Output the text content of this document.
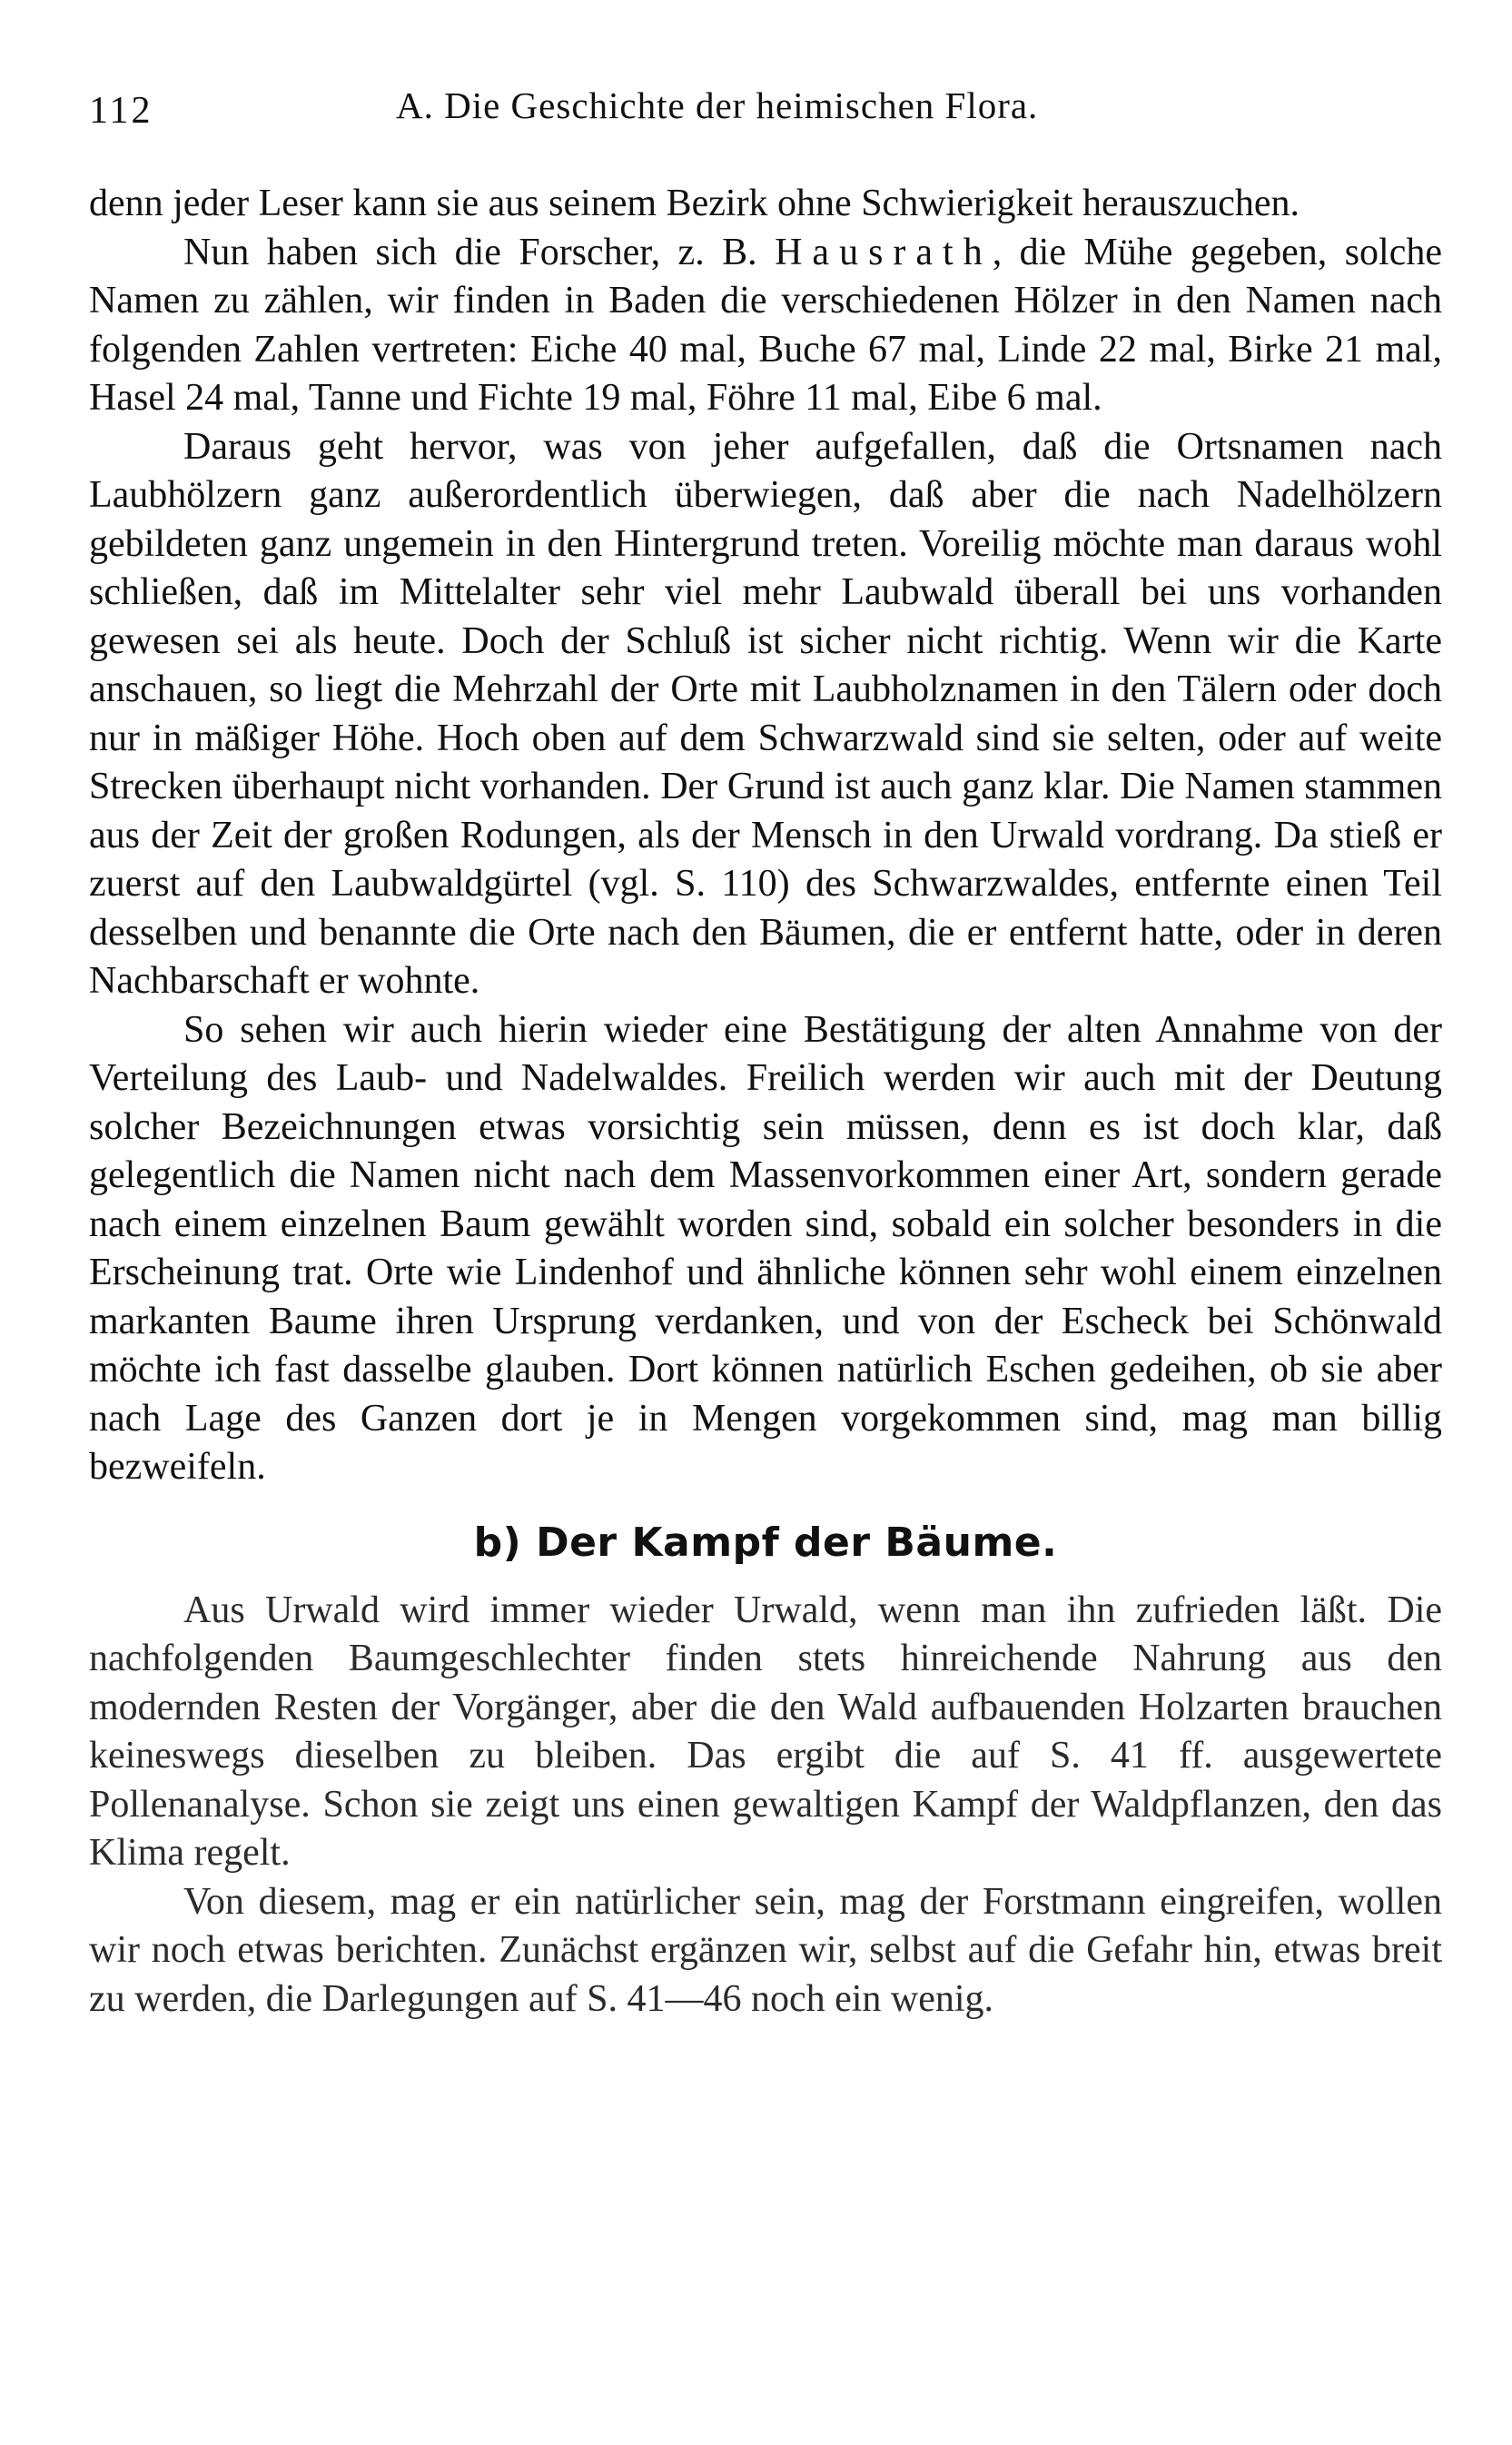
112	A. Die Geschichte der heimischen Flora.

denn jeder Leser kann sie aus seinem Bezirk ohne Schwierigkeit herauszuchen.

Nun haben sich die Forscher, z. B. Hausrath, die Mühe gegeben, solche Namen zu zählen, wir finden in Baden die verschiedenen Hölzer in den Namen nach folgenden Zahlen vertreten: Eiche 40 mal, Buche 67 mal, Linde 22 mal, Birke 21 mal, Hasel 24 mal, Tanne und Fichte 19 mal, Föhre 11 mal, Eibe 6 mal.

Daraus geht hervor, was von jeher aufgefallen, daß die Ortsnamen nach Laubhölzern ganz außerordentlich überwiegen, daß aber die nach Nadelhölzern gebildeten ganz ungemein in den Hintergrund treten. Voreilig möchte man daraus wohl schließen, daß im Mittelalter sehr viel mehr Laubwald überall bei uns vorhanden gewesen sei als heute. Doch der Schluß ist sicher nicht richtig. Wenn wir die Karte anschauen, so liegt die Mehrzahl der Orte mit Laubholznamen in den Tälern oder doch nur in mäßiger Höhe. Hoch oben auf dem Schwarzwald sind sie selten, oder auf weite Strecken überhaupt nicht vorhanden. Der Grund ist auch ganz klar. Die Namen stammen aus der Zeit der großen Rodungen, als der Mensch in den Urwald vordrang. Da stieß er zuerst auf den Laubwaldgürtel (vgl. S. 110) des Schwarzwaldes, entfernte einen Teil desselben und benannte die Orte nach den Bäumen, die er entfernt hatte, oder in deren Nachbarschaft er wohnte.

So sehen wir auch hierin wieder eine Bestätigung der alten Annahme von der Verteilung des Laub- und Nadelwaldes. Freilich werden wir auch mit der Deutung solcher Bezeichnungen etwas vorsichtig sein müssen, denn es ist doch klar, daß gelegentlich die Namen nicht nach dem Massenvorkommen einer Art, sondern gerade nach einem einzelnen Baum gewählt worden sind, sobald ein solcher besonders in die Erscheinung trat. Orte wie Lindenhof und ähnliche können sehr wohl einem einzelnen markanten Baume ihren Ursprung verdanken, und von der Escheck bei Schönwald möchte ich fast dasselbe glauben. Dort können natürlich Eschen gedeihen, ob sie aber nach Lage des Ganzen dort je in Mengen vorgekommen sind, mag man billig bezweifeln.

b) Der Kampf der Bäume.

Aus Urwald wird immer wieder Urwald, wenn man ihn zufrieden läßt. Die nachfolgenden Baumgeschlechter finden stets hinreichende Nahrung aus den modernden Resten der Vorgänger, aber die den Wald aufbauenden Holzarten brauchen keineswegs dieselben zu bleiben. Das ergibt die auf S. 41 ff. ausgewertete Pollenanalyse. Schon sie zeigt uns einen gewaltigen Kampf der Waldpflanzen, den das Klima regelt.

Von diesem, mag er ein natürlicher sein, mag der Forstmann eingreifen, wollen wir noch etwas berichten. Zunächst ergänzen wir, selbst auf die Gefahr hin, etwas breit zu werden, die Darlegungen auf S. 41—46 noch ein wenig.
